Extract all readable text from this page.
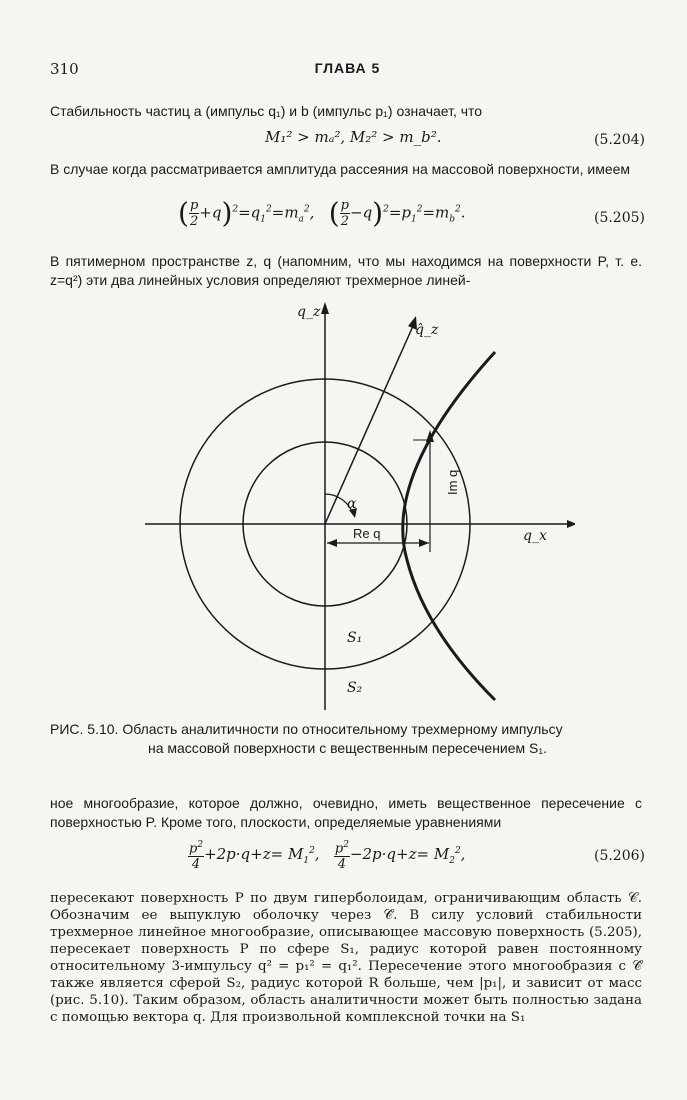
310	ГЛАВА 5

Стабильность частиц a (импульс q₁) и b (импульс p₁) означает, что

M₁² > mₐ², M₂² > m_b².	(5.204)

В случае когда рассматривается амплитуда рассеяния на массовой поверхности, имеем

( $\frac{p}{2} +q)^2=q_1^2=m_a^2$,   ( $\frac{p}{2} -q)^2=p_1^2=m_b^2$.	(5.205)

В пятимерном пространстве z, q (напомним, что мы находимся на поверхности P, т. е. z=q²) эти два линейных условия определяют трехмерное линей-

q_z
q̂_z
α
Re q
Im q
q_x
S₁
S₂
РИС. 5.10. Область аналитичности по относительному трехмерному импульсу
на массовой поверхности с вещественным пересечением S₁.

ное многообразие, которое должно, очевидно, иметь вещественное пересечение с поверхностью P. Кроме того, плоскости, определяемые уравнениями

$\frac{p^2}{4} +2p\cdot q+z= M_1^2$, $\frac{p^2}{4} -2p\cdot q+z= M_2^2$,	(5.206)

пересекают поверхность P по двум гиперболоидам, ограничивающим область 𝒞. Обозначим ее выпуклую оболочку через 𝒞̂. В силу условий стабильности трехмерное линейное многообразие, описывающее массовую поверхность (5.205), пересекает поверхность P по сфере S₁, радиус которой равен постоянному относительному 3-импульсу q² = p₁² = q₁². Пересечение этого многообразия с 𝒞̂ также является сферой S₂, радиус которой R больше, чем |p₁|, и зависит от масс (рис. 5.10). Таким образом, область аналитичности может быть полностью задана с помощью вектора q. Для произвольной комплексной точки на S₁
